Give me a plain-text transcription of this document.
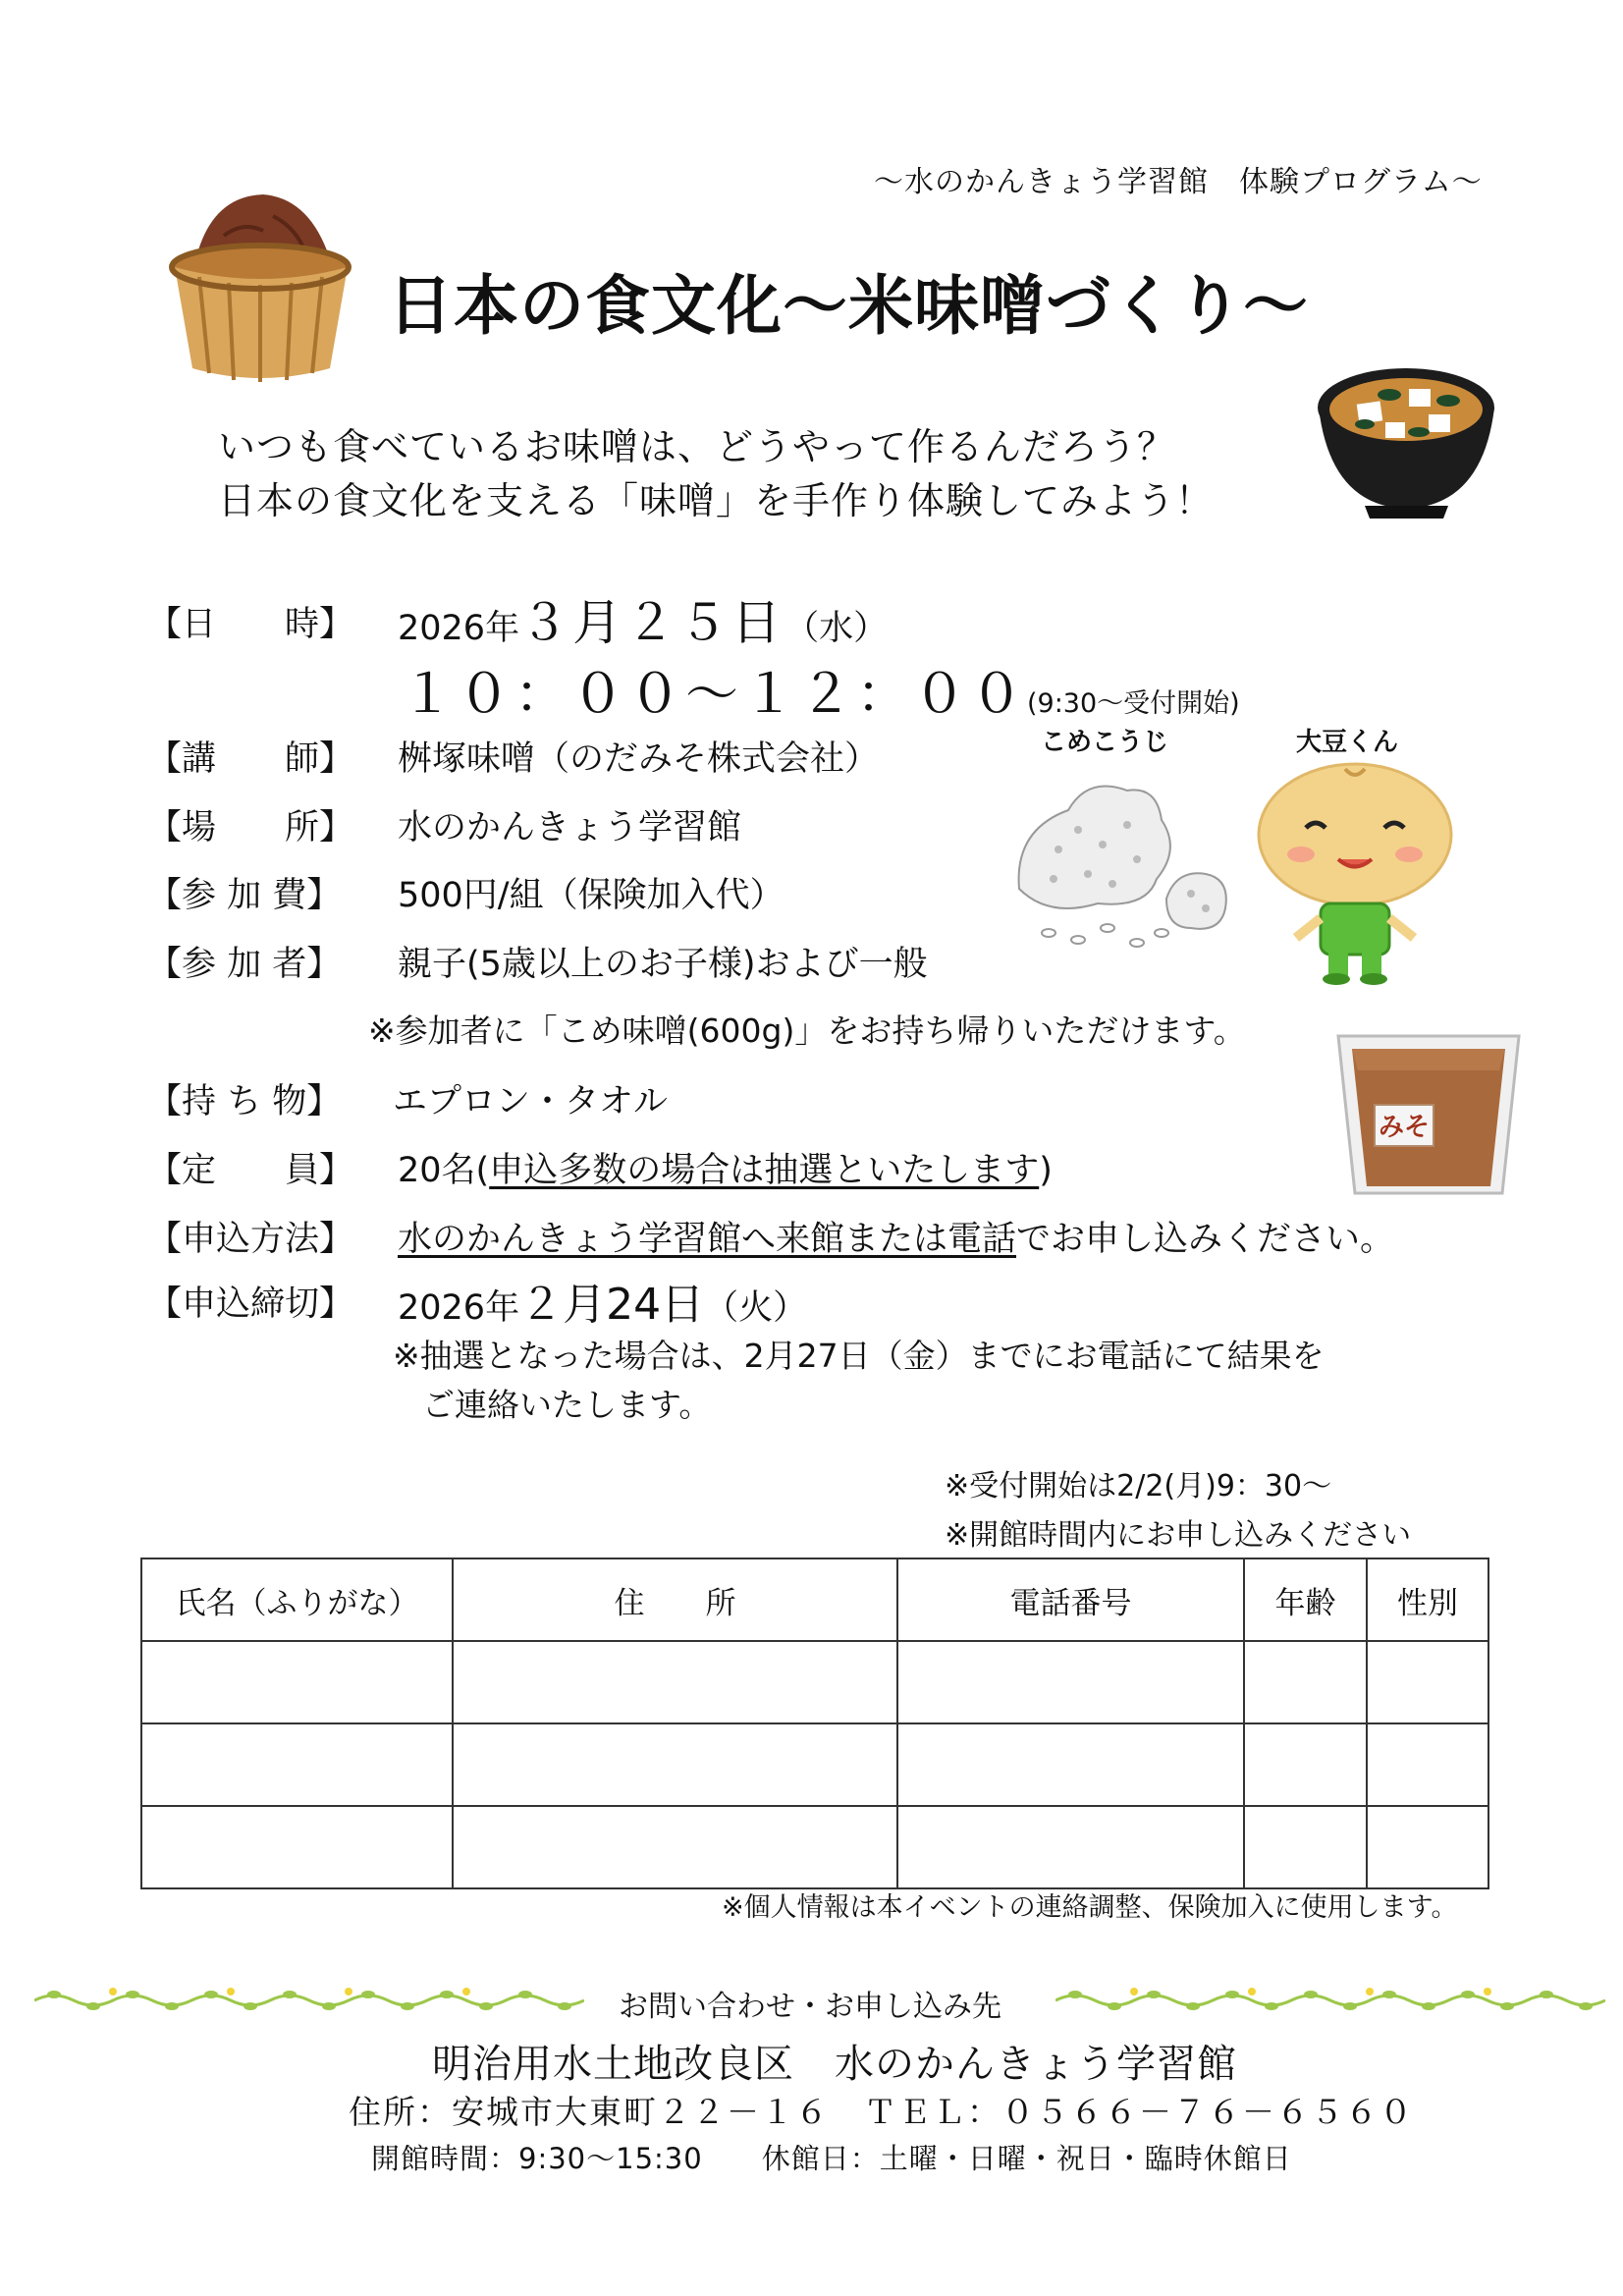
～水のかんきょう学習館　体験プログラム～
日本の食文化～米味噌づくり～
いつも食べているお味噌は、どうやって作るんだろう？
日本の食文化を支える「味噌」を手作り体験してみよう！
【日　　時】 2026年３月２５日（水）
１０：００～１２：００(9:30～受付開始)
【講　　師】 桝塚味噌（のだみそ株式会社）
【場　　所】 水のかんきょう学習館
【参 加 費】 500円/組（保険加入代）
【参 加 者】 親子(5歳以上のお子様)および一般
※参加者に「こめ味噌(600g)」をお持ち帰りいただけます。
【持 ち 物】 エプロン・タオル
【定　　員】 20名(申込多数の場合は抽選といたします)
【申込方法】 水のかんきょう学習館へ来館または電話でお申し込みください。
【申込締切】 2026年２月24日（火）
※抽選となった場合は、2月27日（金）までにお電話にて結果を
ご連絡いたします。
こめこうじ	大豆くん
みそ
※受付開始は2/2(月)9：30～
※開館時間内にお申し込みください
氏名（ふりがな）	住　　所	電話番号	年齢	性別

※個人情報は本イベントの連絡調整、保険加入に使用します。
お問い合わせ・お申し込み先
明治用水土地改良区　水のかんきょう学習館
住所：安城市大東町２２－１６　ＴＥＬ：０５６６－７６－６５６０
開館時間：9:30～15:30　　休館日：土曜・日曜・祝日・臨時休館日
